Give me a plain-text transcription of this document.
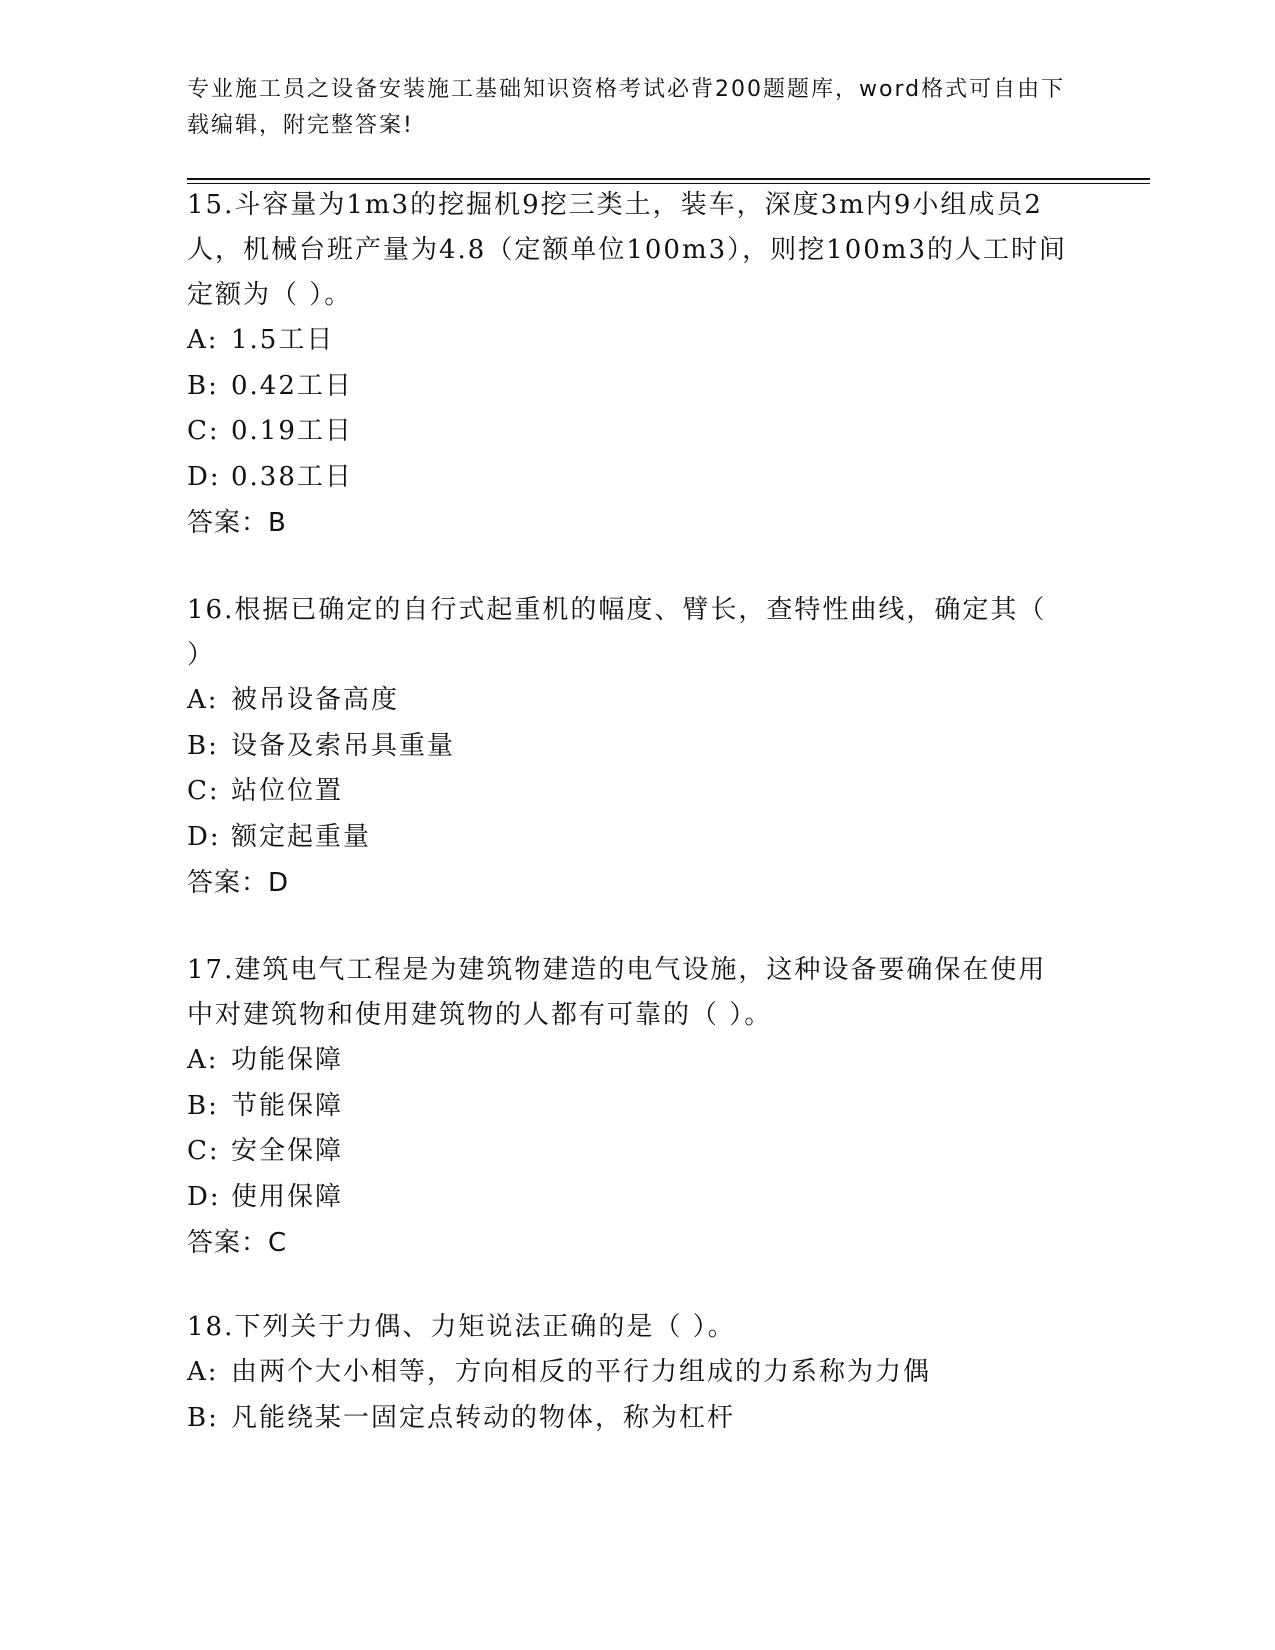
专业施工员之设备安装施工基础知识资格考试必背200题题库，word格式可自由下载编辑，附完整答案!

15.斗容量为1m3的挖掘机9挖三类土，装车，深度3m内9小组成员2人，机械台班产量为4.8（定额单位100m3），则挖100m3的人工时间定额为（ ）。

A: 1.5工日

B: 0.42工日

C: 0.19工日

D: 0.38工日

答案：B

16.根据已确定的自行式起重机的幅度、臂长，查特性曲线，确定其（ ）

A: 被吊设备高度

B: 设备及索吊具重量

C: 站位位置

D: 额定起重量

答案：D

17.建筑电气工程是为建筑物建造的电气设施，这种设备要确保在使用中对建筑物和使用建筑物的人都有可靠的（ ）。

A: 功能保障

B: 节能保障

C: 安全保障

D: 使用保障

答案：C

18.下列关于力偶、力矩说法正确的是（ ）。

A: 由两个大小相等，方向相反的平行力组成的力系称为力偶

B: 凡能绕某一固定点转动的物体，称为杠杆
